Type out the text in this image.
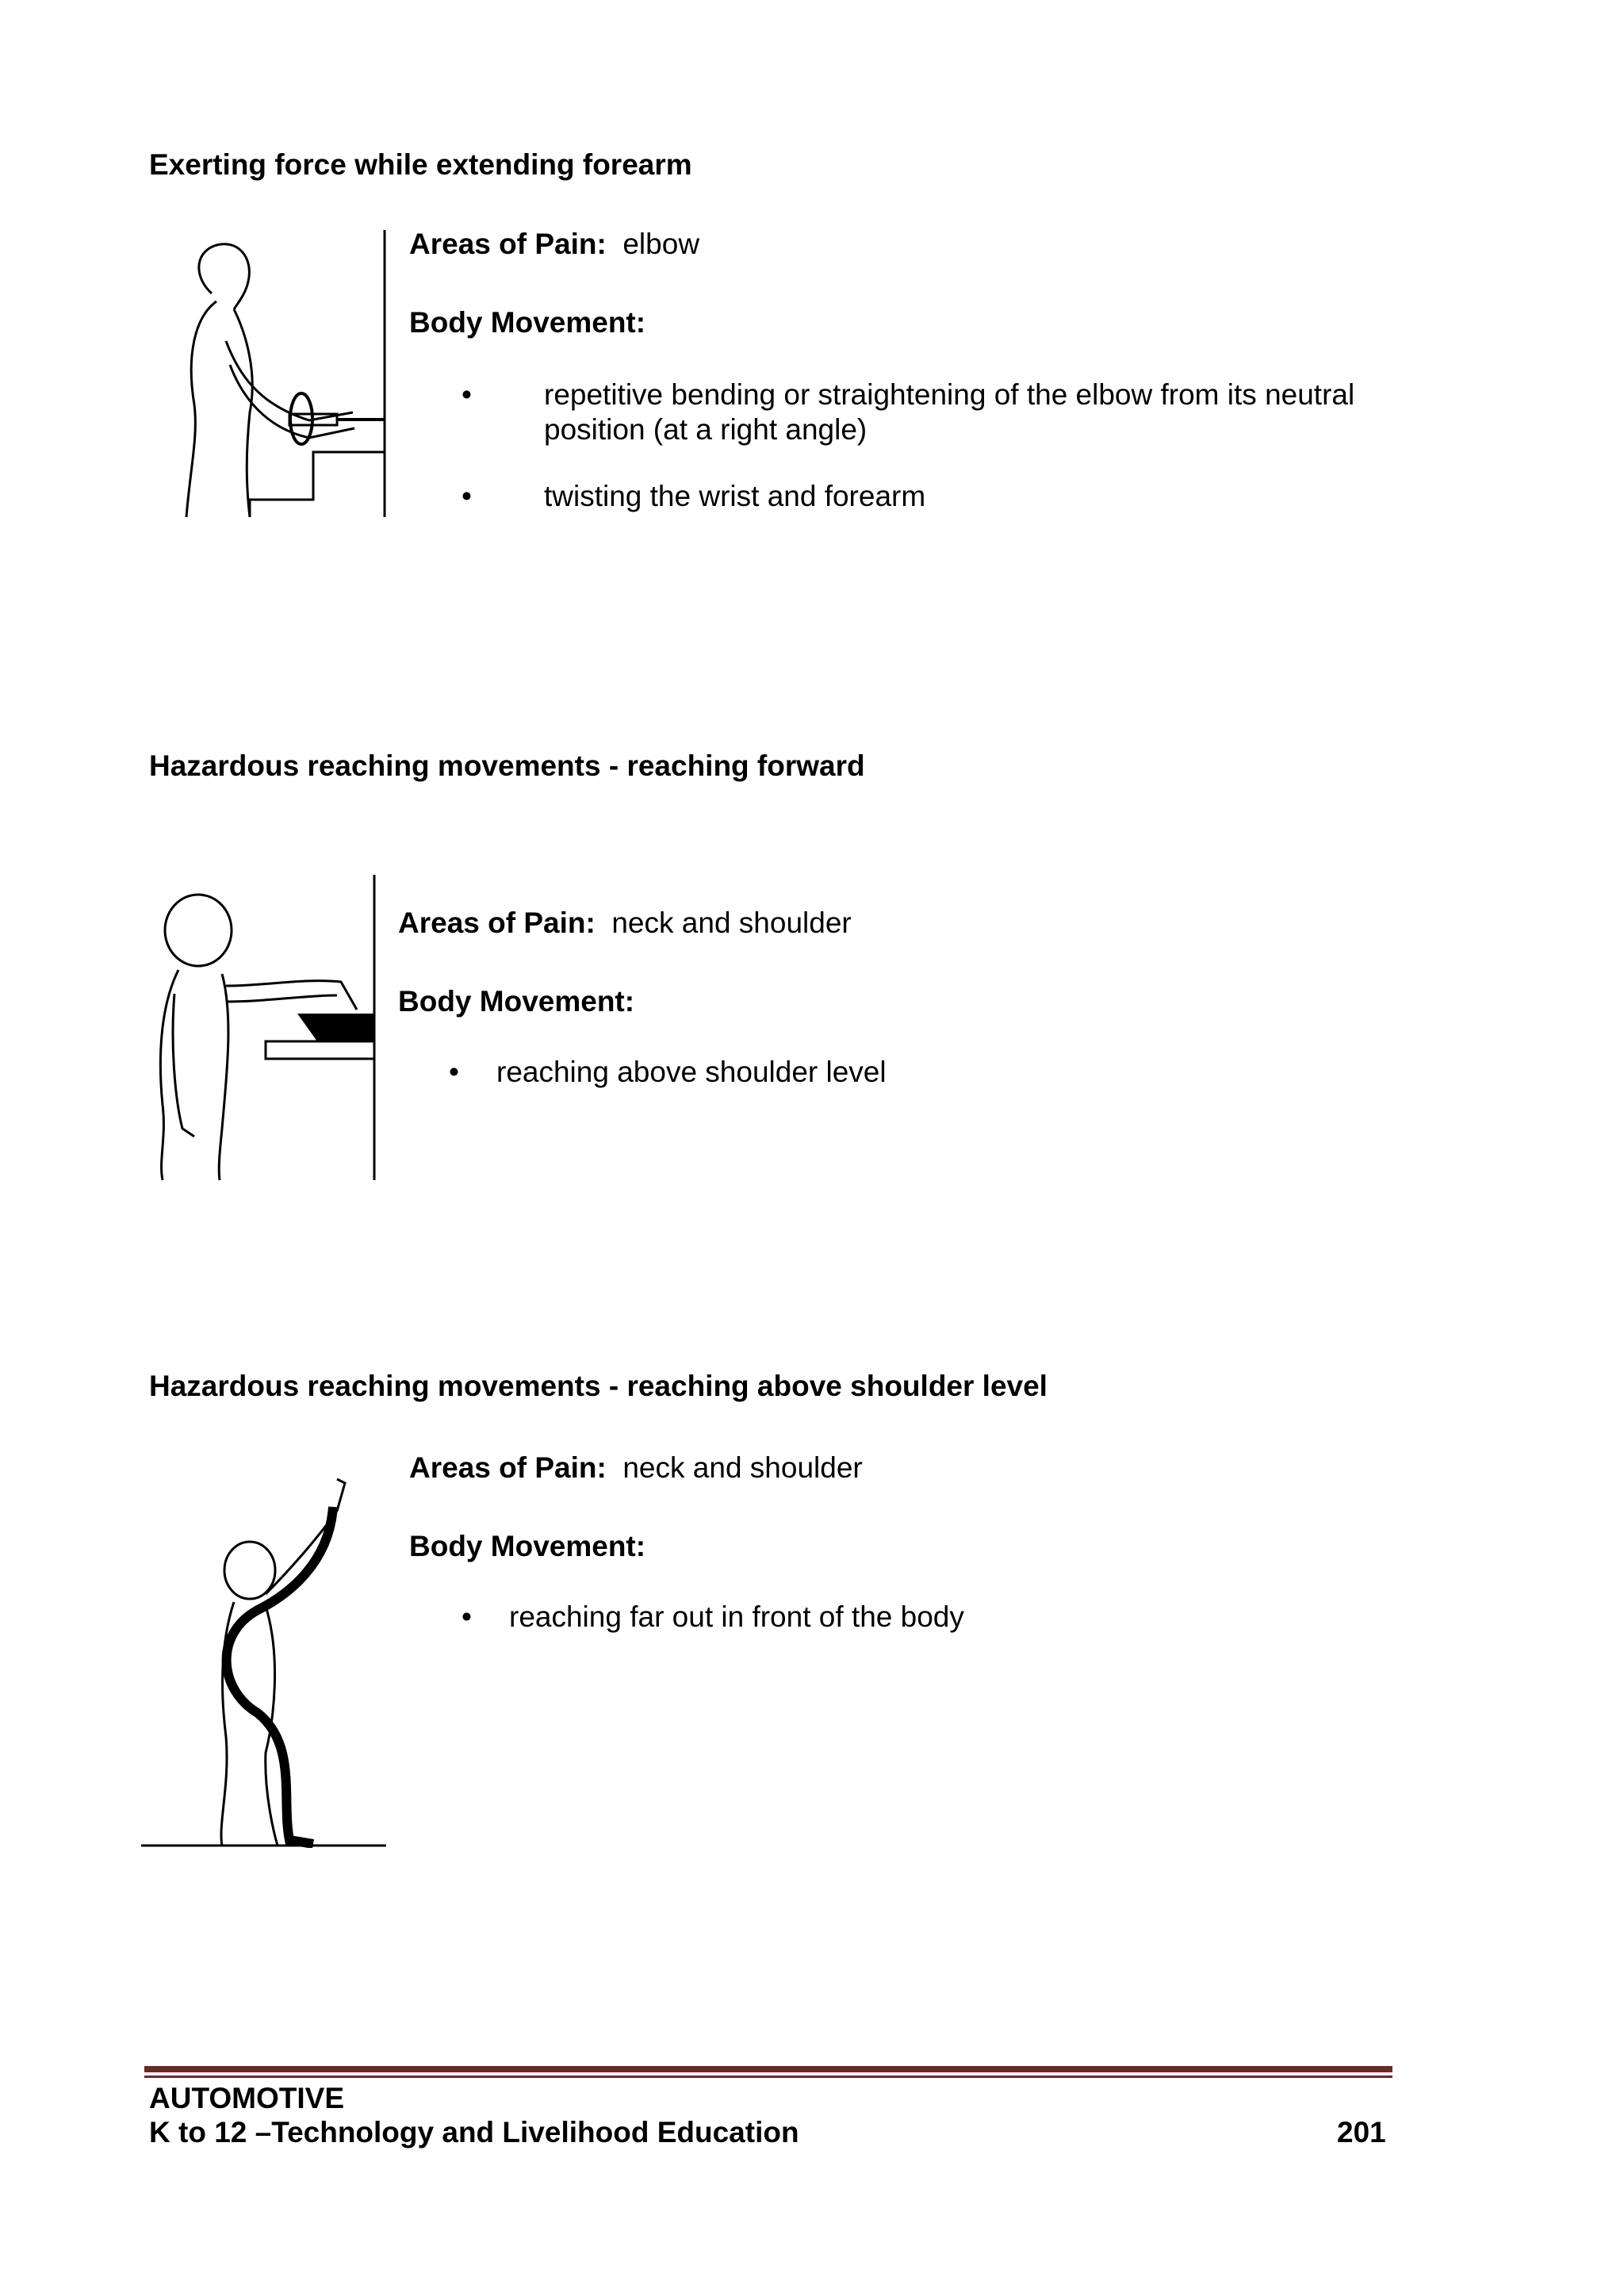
Exerting force while extending forearm
Areas of Pain: elbow
Body Movement:
• repetitive bending or straightening of the elbow from its neutral
position (at a right angle)
• twisting the wrist and forearm
Hazardous reaching movements - reaching forward
Areas of Pain: neck and shoulder
Body Movement:
• reaching above shoulder level
Hazardous reaching movements - reaching above shoulder level
Areas of Pain: neck and shoulder
Body Movement:
• reaching far out in front of the body
AUTOMOTIVE
K to 12 –Technology and Livelihood Education	201
